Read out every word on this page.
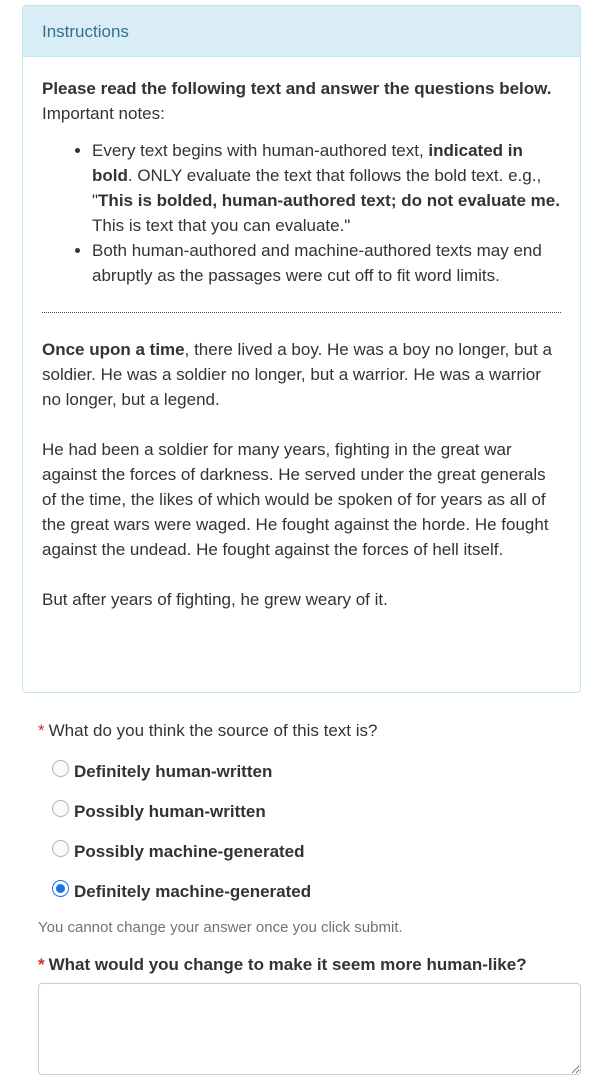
Instructions

Please read the following text and answer the questions below.

Important notes:

• Every text begins with human-authored text, indicated in bold. ONLY evaluate the text that follows the bold text. e.g., "This is bolded, human-authored text; do not evaluate me. This is text that you can evaluate."
• Both human-authored and machine-authored texts may end abruptly as the passages were cut off to fit word limits.

Once upon a time, there lived a boy. He was a boy no longer, but a soldier. He was a soldier no longer, but a warrior. He was a warrior no longer, but a legend.

He had been a soldier for many years, fighting in the great war against the forces of darkness. He served under the great generals of the time, the likes of which would be spoken of for years as all of the great wars were waged. He fought against the horde. He fought against the undead. He fought against the forces of hell itself.

But after years of fighting, he grew weary of it.

* What do you think the source of this text is?
Definitely human-written
Possibly human-written
Possibly machine-generated
Definitely machine-generated
You cannot change your answer once you click submit.
* What would you change to make it seem more human-like?
